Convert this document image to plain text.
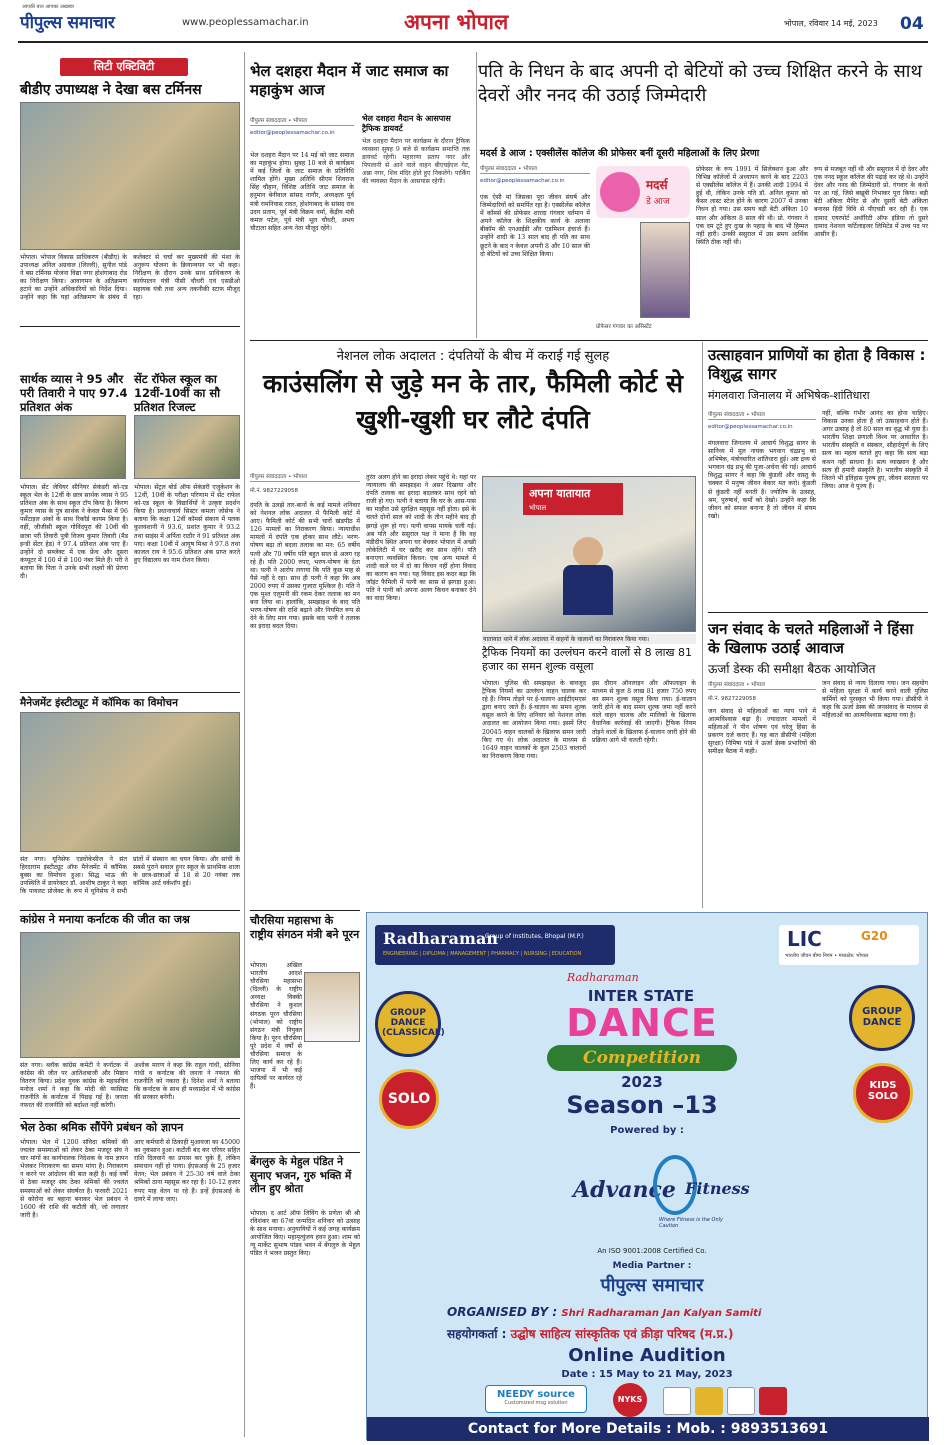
आपकी बात आपका अखबार
पीपुल्स समाचार	www.peoplessamachar.in	अपना भोपाल	भोपाल, रविवार 14 मई, 2023 04
सिटी एक्टिविटी
बीडीए उपाध्यक्ष ने देखा बस टर्मिनस
भोपाल। भोपाल विकास प्राधिकरण (बीडीए) के उपाध्यक्ष अनिल अग्रवाल (लिल्ली), सुनील पांडे ने बस टर्मिनस योजना विद्या नगर होशंगाबाद रोड का निरीक्षण किया। आवागमन के अतिक्रमण हटाने का उन्होंने अधिकारियों को निर्देश दिया। उन्होंने कहा कि यहां अतिक्रमण के संबंध में कलेक्टर से चर्चा कर मुख्यमंत्री की मंशा के अनुरूप योजना के क्रियान्वयन पर भी कहा। निरीक्षण के दौरान उनके साथ प्राधिकरण के कार्यपालन यंत्री पीसी चौधरी एवं एसडीओ सहायक यंत्री तथा अन्य तकनीकी स्टाफ मौजूद रहा।
सार्थक व्यास ने 95 और परी तिवारी ने पाए 97.4 प्रतिशत अंक
भोपाल। सेंट जेवियर सीनियर सेकंडरी को-एड स्कूल भेल के 12वीं के छात्र सार्थक व्यास ने 95 प्रतिशत अंक के साथ स्कूल टॉप किया है। किरण कुमार व्यास के पुत्र सार्थक ने केवल मैथ्स में 96 पर्सेंटाइल अंकों के साथ रिकॉर्ड कायम किया है। वहीं, जीजीसी स्कूल गोविंदपुरा की 10वीं की छात्रा परी तिवारी पुत्री विजय कुमार तिवारी (मैड इन्डी सेंटर हेड) ने 97.4 प्रतिशत अंक पाए हैं। उन्होंने दो सब्जेक्ट में एक फ्रेंच और दूसरा कंप्यूटर में 100 में से 100 नंबर मिले हैं। परी ने बताया कि पिता ने उनके सभी लक्ष्यों की प्रेरणा दी।
सेंट रॉफेल स्कूल का 12वीं-10वीं का सौ प्रतिशत रिजल्ट
भोपाल। सेंट्रल बोर्ड ऑफ सेकंडरी एजुकेशन के 12वीं, 10वीं के परीक्षा परिणाम में सेंट राफेल को-एड स्कूल के विद्यार्थियों ने उत्कृष्ट प्रदर्शन किया है। प्रधानाचार्य सिस्टर कमला जोसेफ ने बताया कि कक्षा 12वीं कॉमर्स संकाय में पलक कुलवंशानी ने 93.6, प्रशांत कुमार ने 93.2 तथा साइंस में अर्पिता राठौर ने 91 प्रतिशत अंक पाए। कक्षा 10वीं में आयुष मिश्रा ने 97.8 तथा काजल राय ने 95.6 प्रतिशत अंक प्राप्त करते हुए विद्यालय का नाम रोशन किया।
मैनेजमेंट इंस्टीट्यूट में कॉमिक का विमोचन
संत नगर। यूनिसेफ एडवोकेसीज ने संत हिरदाराम इंस्टीट्यूट ऑफ मैनेजमेंट में कॉमिक बुक्स का विमोचन हुआ। सिद्ध भाऊ की उपस्थिति में डायरेक्टर डॉ. आशीष ठाकुर ने कहा कि पायलट प्रोजेक्ट के रूप में यूनिसेफ ने सभी प्रांतों में संस्थान का चयन किया। और सांची के सबसे पुराने सवाल हुनर स्कूल के प्राथमिक शाला के छात्र-छात्राओं से 18 से 20 नवंबर तक कॉमिक आर्ट वर्कशॉप हुई।
कांग्रेस ने मनाया कर्नाटक की जीत का जश्न
संत नगर। ब्लॉक कांग्रेस कमेटी ने कर्नाटक में कांग्रेस की जीत पर आतिशबाजी और मिष्ठान वितरण किया। प्रदेश युवक कांग्रेस के महासचिव मनोज शर्मा ने कहा कि मोदी की फासिस्ट राजनीति के कर्नाटक में पिछड़ गई है। जनता नफरत की राजनीति को बर्दाश्त नहीं करेगी।
अशोक मारण ने कहा कि राहुल गांधी, सोनिया गांधी व कर्नाटक की जनता ने नफरत की राजनीति को नकारा है। दिनेश शर्मा ने बताया कि कर्नाटक के साथ ही मध्यप्रदेश में भी कांग्रेस की सरकार बनेगी।
भेल ठेका श्रमिक सौंपेंगे प्रबंधन को ज्ञापन
भोपाल। भेल में 1200 संविदा श्रमिकों की ज्वलंत समस्याओं को लेकर ठेका मजदूर संघ ने चार मांगों का कार्यपालक निदेशक के नाम ज्ञापन भेजकर निराकरण का समय मांगा है। निराकरण न करने पर आंदोलन की बात कही है। कई वर्षों से ठेका मजदूर संघ ठेका श्रमिकों की ज्वलंत समस्याओं को लेकर संघर्षरत है। फरवरी 2021 से कोरोना का बहाना बनाकर भेल प्रबंधन ने 1600 की राशि की कटौती की, जो लगातार जारी है।
आए कर्मचारी से ठिकाही मुआवजा का 45000 का नुकसान हुआ। कटौती बंद कर एरियर सहित राशि दिलवाने का प्रयास कर चुके हैं, लेकिन समाधान नहीं हो पाया। ईएसआई के 25 हजार वेतन; भेल प्रबंधन ने 25-30 वर्ष वाले ठेका श्रमिकों ठाना महसूस कर रहा है। 10-12 हजार रुपए माह वेतन पा रहे हैं। इन्हें ईएसआई के दायरे में लाया जाए।
भेल दशहरा मैदान में जाट समाज का महाकुंभ आज
पीपुल्स संवाददाता • भोपाल
editor@peoplessamachar.co.in
भेल दशहरा मैदान पर 14 मई को जाट समाज का महाकुंभ होगा। सुबह 10 बजे से कार्यक्रम में कई जिलों के जाट समाज के प्रतिनिधि शामिल होंगे। मुख्य अतिथि सीएम शिवराज सिंह चौहान, विशिष्ट अतिथि जाट समाज के हनुमान बेनीवाल सांसद नागौर, अध्यक्षता पूर्व मंत्री रामनिवास रावत, होशंगाबाद के सांसद राव उदय प्रताप, पूर्व मंत्री विक्रम वर्मा, केंद्रीय मंत्री कमल पटेल, पूर्व मंत्री भूल चौधरी, अभय चौटाला सहित अन्य नेता मौजूद रहेंगे।
भेल दशहरा मैदान के आसपास ट्रैफिक डायवर्ट
भेल दशहरा मैदान पर कार्यक्रम के दौरान ट्रैफिक व्यवस्था सुबह 9 बजे से कार्यक्रम समाप्ति तक डायवर्ट रहेगी। महाराणा प्रताप नगर और पिपलानी से आने वाले वाहन बीएचईएल गेट, अन्ना नगर, शिव मंदिर होते हुए निकलेंगे। पार्किंग की व्यवस्था मैदान के आसपास रहेगी।
पति के निधन के बाद अपनी दो बेटियों को उच्च शिक्षित करने के साथ देवरों और ननद की उठाई जिम्मेदारी
मदर्स डे आज : एक्सीलेंस कॉलेज की प्रोफेसर बनीं दूसरी महिलाओं के लिए प्रेरणा
पीपुल्स संवाददाता • भोपाल
editor@peoplessamachar.co.in
एक ऐसी मां जिसका पूरा जीवन संघर्ष और जिम्मेदारियों को समर्पित रहा है। एक्सीलेंस कॉलेज में कॉमर्स की प्रोफेसर शारदा गंगवार वर्तमान में अपने कॉलेज के शिक्षकीय कार्य के अलावा बीकॉम की एनआईडी और एडमिशन इंचार्ज हैं। उन्होंने शादी के 13 साल बाद ही पति का साथ छूटने के बाद न केवल अपनी 8 और 10 साल की दो बेटियों को उच्च शिक्षित किया।
मदर्स
डे आज
प्रोफेसर गंगवार का असिस्टेंट
प्रोफेसर के रूप 1991 में सिलेक्शन हुआ और विभिन्न कॉलेजों में अध्यापन करने के बाद 2203 से एक्सीलेंस कॉलेज में हैं। उनकी शादी 1994 में हुई थी, लेकिन उनके पति डॉ. अनिल कुमार को कैंसर लास्ट स्टेज होने के कारण 2007 में उनका निधन हो गया। उस समय बड़ी बेटी अंकिता 10 साल और अंकिता 8 साल की थी। प्रो. गंगवार ने एक दम टूटे हुए दुःख के पहाड़ के बाद भी हिम्मत नहीं हारी। उनकी ससुराल में उस समय आर्थिक स्थिति ठीक नहीं थी।
रूप से मजबूत नहीं थी और ससुराल में दो देवर और एक ननद स्कूल कॉलेज की पढ़ाई कर रहे थे। उन्होंने देवर और ननद की जिम्मेदारी प्रो. गंगवार के कंधों पर आ गई, जिसे बखूबी निभाकर पूरा किया। बड़ी बेटी अंकिता मैनिट से और दूसरी बेटी अंकिता बनारस हिंदी विवि से पीएचडी कर रही हैं। एक दामाद एयरपोर्ट अथॉरिटी ऑफ इंडिया तो दूसरे दामाद नेशनल फर्टिलाइजर लिमिटेड में उच्च पद पर आसीन हैं।
नेशनल लोक अदालत : दंपतियों के बीच में कराई गई सुलह
काउंसलिंग से जुड़े मन के तार, फैमिली कोर्ट से खुशी-खुशी घर लौटे दंपति
पीपुल्स संवाददाता • भोपाल
मो.नं. 9827229058
दंपति के उलझे तार-बानों के कई मामले शनिवार को नेशनल लोक अदालत में फैमिली कोर्ट में आए। फैमिली कोर्ट की सभी चारों खंडपीठ में 126 मामलों का निराकरण किया। न्यायाधीश मामलों में दंपति एक होकर साथ लौटे। भरण-पोषण बढ़ा तो बदला तलाक का मन: 65 वर्षीय पत्नी और 70 वर्षीय पति बहुत साल से अलग रह रहे हैं। पति 2000 रुपए, भरण-पोषण के देता था। पत्नी ने आरोप लगाया कि पति कुछ माह से पैसे नहीं दे रहा। साथ ही पत्नी ने कहा कि अब 2000 रुपए में उसका गुजारा मुश्किल है। पति ने एक मुश्त एलुमनी की रकम देकर तलाक का मन बना लिया था। हालांकि, समझाइश के बाद पति भरण-पोषण की राशि बढ़ाने और नियमित रूप से देने के लिए मान गया। इसके बाद पत्नी ने तलाक का इरादा बदल दिया।
तुरंत अलग होने का इरादा लेकर पहुंचे थे: यहां पर न्यायालय की समझाइश ने असर दिखाया और दंपति तलाक का इरादा बदलकर साथ रहने को राजी हो गए। पत्नी ने बताया कि घर के आस-पास का माहौल उसे सुरक्षित महसूस नहीं होता। इसे के चलते दोनों साल को शादी के तीन महीने बाद ही झगड़े शुरू हो गए। पत्नी वापस मायके चली गई। अब पति और ससुराल पक्ष ने माना है कि वह मंडीदीप स्थित अपना घर बेचकर भोपाल में अच्छी लोकेलिटी में घर खरीद कर साथ रहेंगे। पति बनाएगा व्यवस्थित किचन: एक अन्य मामले में शादी वाले घर में दो का किचन नहीं होना विवाद का कारण बन गया। यह विवाद इस कदर बढ़ा कि जॉइंट फैमिली में पत्नी का सास से झगड़ा हुआ। पति ने पत्नी को अपना अलग किचन बनाकर देने का वादा किया।
अपना यातायात
भोपाल
यातायात थाने में लोक अदालत में वाहनों के चालानों का निराकरण किया गया।
ट्रैफिक नियमों का उल्लंघन करने वालों से 8 लाख 81 हजार का समन शुल्क वसूला
भोपाल। पुलिस की समझाइश के बावजूद ट्रैफिक नियमों का उल्लंघन वाहन चालक कर रहे हैं। नियम तोड़ने पर ई-चालान आईटीएमएस द्वारा बनाए जाते हैं। ई-चालान का समन शुल्क वसूल करने के लिए शनिवार को नेशनल लोक अदालत का आयोजन किया गया। इसमें लिए 20045 वाहन चालकों के खिलाफ समन जारी किए गए थे। लोक अदालत के माध्यम से 1649 वाहन चालकों के कुल 2503 चालानों का निराकरण किया गया।
इस दौरान ऑनलाइन और ऑफलाइन के माध्यम से कुल 8 लाख 81 हजार 750 रुपए का समन शुल्क वसूल किया गया। ई-चालान जारी होने के बाद समन शुल्क जमा नहीं करने वाले वाहन चालक और मालिकों के खिलाफ वैधानिक कार्रवाई की जाएगी। ट्रैफिक नियम तोड़ने वालों के खिलाफ ई-चालान जारी होने की प्रक्रिया आगे भी चलती रहेगी।
उत्साहवान प्राणियों का होता है विकास : विशुद्ध सागर
मंगलवारा जिनालय में अभिषेक-शांतिधारा
पीपुल्स संवाददाता • भोपाल
editor@peoplessamachar.co.in
मंगलवारा जिनालय में आचार्य विशुद्ध सागर के सानिध्य में मूल नायक भगवान चंद्रप्रभु का अभिषेक, मंत्रोच्चारित शांतिधारा हुई। अष्ट द्रव्य से भगवान चंद्र प्रभु की पूजा-अर्चना की गई। आचार्य विशुद्ध सागर ने कहा कि कुंडली और वास्तु के चक्कर में मनुष्य जीवन बेकार मत करो। कुंडली से कुंडली नहीं बनती है। ज्योतिष के उत्साह, श्रम, पुरुषार्थ, कर्मों को देखो। उन्होंने कहा कि जीवन को सफल बनाना है तो जीवन में संयम रखो।
नहीं, बल्कि गंभीर आनंद का होना चाहिए। विकास उनका होता है जो उत्साहवान होते हैं। अगर उत्साह है तो 80 साल का वृद्ध भी युवा है। भारतीय शिक्षा प्रणाली विश्व पर आधारित है। भारतीय संस्कृति व संस्कार, सौहार्दपूर्ण के लिए सत्य का महत्व बताते हुए कहा कि सत्य बड़ा कथन नहीं साधना है। सत्य व्याख्यान है और सत्य ही हमारी संस्कृति है। भारतीय संस्कृति में जितने भी इतिहास पुरुष हुए, जीवन सरलता पर जिया। आज वे पूज्य हैं।
जन संवाद के चलते महिलाओं ने हिंसा के खिलाफ उठाई आवाज
ऊर्जा डेस्क की समीक्षा बैठक आयोजित
पीपुल्स संवाददाता • भोपाल
मो.नं. 9827229058
जन संवाद से महिलाओं का न्याय पाने में आत्मविश्वास बढ़ा है। ज्यादातर मामलों में महिलाओं ने पीन शोषण एवं घरेलू हिंसा के प्रकरण दर्ज कराए हैं। यह बात डीसीपी (महिला सुरक्षा) निमिषा पांडे ने ऊर्जा डेस्क प्रभारियों की समीक्षा बैठक में कही।
जन संवाद से न्याय दिलाया गया। जन सहयोग से महिला सुरक्षा में कार्य करने वाली पुलिस कर्मियों को पुरस्कृत भी किया गया। डीसीपी ने कहा कि ऊर्जा डेस्क की जनसंवाद के माध्यम से महिलाओं का आत्मविश्वास बढ़ाया गया है।
चौरसिया महासभा के राष्ट्रीय संगठन मंत्री बने पूरन
भोपाल। अखिल भारतीय आदर्श चौरसिया महासभा (दिल्ली) के राष्ट्रीय अध्यक्ष विक्की चौरसिया ने कुशल संगठक पूरन चौरसिया (भोपाल) को राष्ट्रीय संगठन मंत्री नियुक्त किया है। पूरन चौरसिया पूरे प्रदेश में वर्षों से चौरसिया समाज के लिए कार्य कर रहे हैं। भाजपा में भी कई दायित्वों पर कार्यरत रहे हैं।
बेंगलुरु के मेहुल पंडित ने सुनाए भजन, गुरु भक्ति में लीन हुए श्रोता
भोपाल। द आर्ट ऑफ लिविंग के प्रणेता श्री श्री रविशंकर का 67वां जन्मदिन शनिवार को उत्साह के साथ मनाया। अनुयायियों ने कई जगह कार्यक्रम आयोजित किए। महामृत्युंजय हवन हुआ। शाम को न्यू मार्केट सुभाष पांडव भवन में बेंगलुरु के मेहुल पंडित ने भजन प्रस्तुत किए।
Radharaman
Group of Institutes, Bhopal (M.P.)
ENGINEERING | DIPLOMA | MANAGEMENT | PHARMACY | NURSING | EDUCATION
LIC	G20
भारतीय जीवन बीमा निगम • मध्यक्षेत्र: भोपाल
Radharaman
INTER STATE
DANCE
Competition
2023
Season –13
Powered by :
GROUP DANCE (CLASSICAL)
SOLO
GROUP DANCE
KIDS SOLO
Advance Fitness
Where Fitness is the Only Caution
An ISO 9001:2008 Certified Co.
Media Partner :
पीपुल्स समाचार
ORGANISED BY : Shri Radharaman Jan Kalyan Samiti
सहयोगकर्ता : उद्घोष साहित्य सांस्कृतिक एवं क्रीड़ा परिषद (म.प्र.)
Online Audition
Date : 15 May to 21 May, 2023
NEEDY source
Customized msg solution	NYKS
Contact for More Details : Mob. : 9893513691
